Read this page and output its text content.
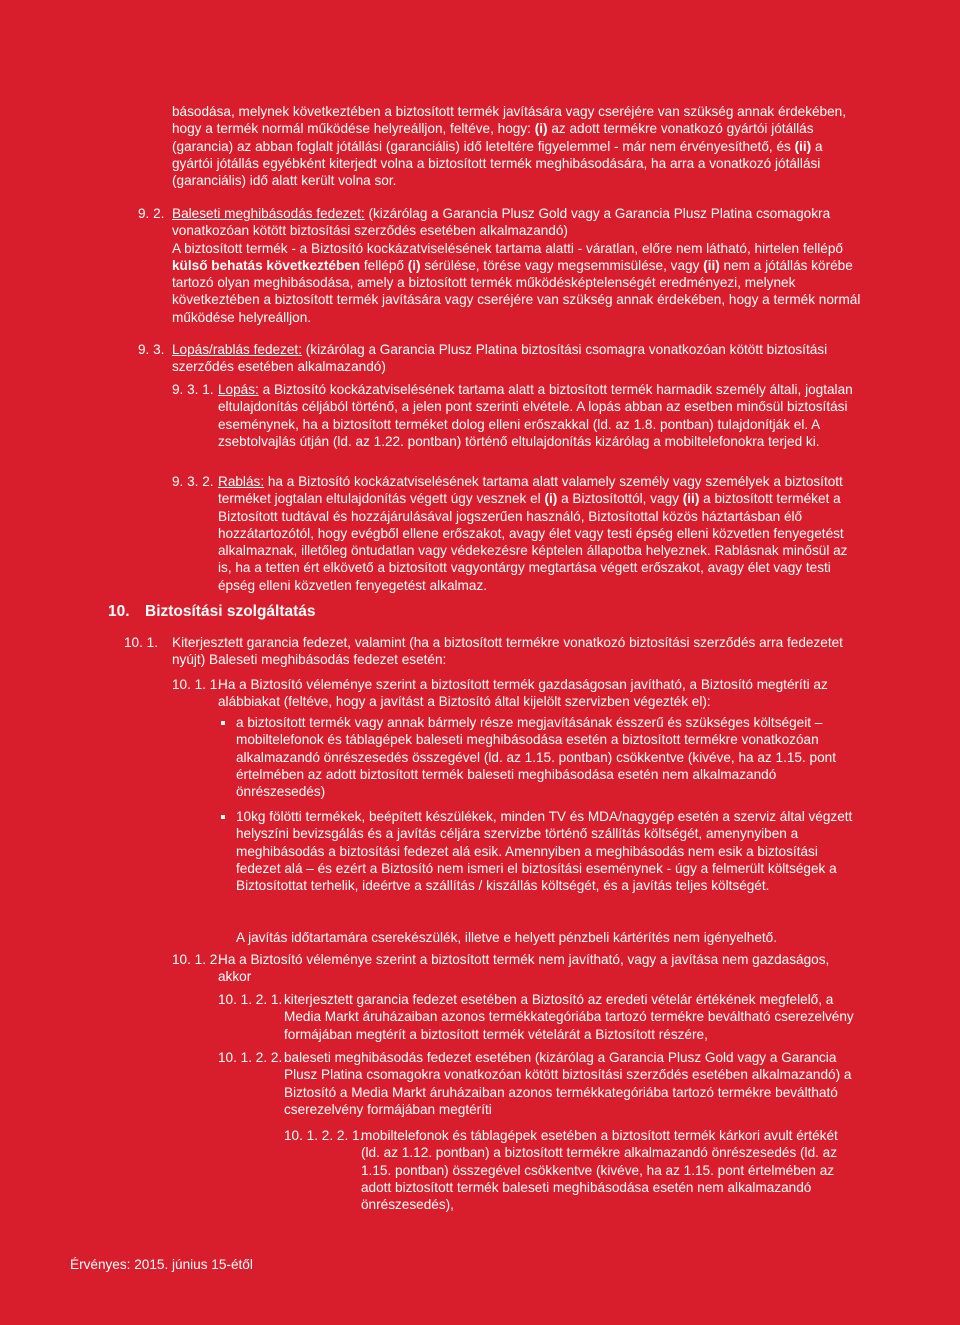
básodása, melynek következtében a biztosított termék javítására vagy cseréjére van szükség annak érdekében, hogy a termék normál működése helyreálljon, feltéve, hogy: (i) az adott termékre vonatkozó gyártói jótállás (garancia) az abban foglalt jótállási (garanciális) idő leteltére figyelemmel - már nem érvényesíthető, és (ii) a gyártói jótállás egyébként kiterjedt volna a biztosított termék meghibásodására, ha arra a vonatkozó jótállási (garanciális) idő alatt került volna sor.

9. 2. Baleseti meghibásodás fedezet: (kizárólag a Garancia Plusz Gold vagy a Garancia Plusz Platina csomagokra vonatkozóan kötött biztosítási szerződés esetében alkalmazandó)

A biztosított termék - a Biztosító kockázatviselésének tartama alatti - váratlan, előre nem látható, hirtelen fellépő külső behatás következtében fellépő (i) sérülése, törése vagy megsemmisülése, vagy (ii) nem a jótállás körébe tartozó olyan meghibásodása, amely a biztosított termék működésképtelenségét eredményezi, melynek következtében a biztosított termék javítására vagy cseréjére van szükség annak érdekében, hogy a termék normál működése helyreálljon.

9. 3. Lopás/rablás fedezet: (kizárólag a Garancia Plusz Platina biztosítási csomagra vonatkozóan kötött biztosítási szerződés esetében alkalmazandó)

9. 3. 1. Lopás: a Biztosító kockázatviselésének tartama alatt a biztosított termék harmadik személy általi, jogtalan eltulajdonítás céljából történő, a jelen pont szerinti elvétele. A lopás abban az esetben minősül biztosítási eseménynek, ha a biztosított terméket dolog elleni erőszakkal (ld. az 1.8. pontban) tulajdonítják el. A zsebtolvajlás útján (ld. az 1.22. pontban) történő eltulajdonítás kizárólag a mobiltelefonokra terjed ki.

9. 3. 2. Rablás: ha a Biztosító kockázatviselésének tartama alatt valamely személy vagy személyek a biztosított terméket jogtalan eltulajdonítás végett úgy vesznek el (i) a Biztosítottól, vagy (ii) a biztosított terméket a Biztosított tudtával és hozzájárulásával jogszerűen használó, Biztosítottal közös háztartásban élő hozzátartozótól, hogy evégből ellene erőszakot, avagy élet vagy testi épség elleni közvetlen fenyegetést alkalmaznak, illetőleg öntudatlan vagy védekezésre képtelen állapotba helyeznek. Rablásnak minősül az is, ha a tetten ért elkövető a biztosított vagyontárgy megtartása végett erőszakot, avagy élet vagy testi épség elleni közvetlen fenyegetést alkalmaz.

10. Biztosítási szolgáltatás
10. 1. Kiterjesztett garancia fedezet, valamint (ha a biztosított termékre vonatkozó biztosítási szerződés arra fedezetet nyújt) Baleseti meghibásodás fedezet esetén:

10. 1. 1.

Ha a Biztosító véleménye szerint a biztosított termék gazdaságosan javítható, a Biztosító megtéríti az alábbiakat (feltéve, hogy a javítást a Biztosító által kijelölt szervizben végezték el):

a biztosított termék vagy annak bármely része megjavításának ésszerű és szükséges költségeit – mobiltelefonok és táblagépek baleseti meghibásodása esetén a biztosított termékre vonatkozóan alkalmazandó önrészesedés összegével (ld. az 1.15. pontban) csökkentve (kivéve, ha az 1.15. pont értelmében az adott biztosított termék baleseti meghibásodása esetén nem alkalmazandó önrészesedés)

10kg fölötti termékek, beépített készülékek, minden TV és MDA/nagygép esetén a szerviz által végzett helyszíni bevizsgálás és a javítás céljára szervizbe történő szállítás költségét, amenynyiben a meghibásodás a biztosítási fedezet alá esik. Amennyiben a meghibásodás nem esik a biztosítási fedezet alá – és ezért a Biztosító nem ismeri el biztosítási eseménynek - úgy a felmerült költségek a Biztosítottat terhelik, ideértve a szállítás / kiszállás költségét, és a javítás teljes költségét.

A javítás időtartamára cserekészülék, illetve e helyett pénzbeli kártérítés nem igényelhető.

10. 1. 2.

Ha a Biztosító véleménye szerint a biztosított termék nem javítható, vagy a javítása nem gazdaságos, akkor

10. 1. 2. 1. kiterjesztett garancia fedezet esetében a Biztosító az eredeti vételár értékének megfelelő, a Media Markt áruházaiban azonos termékkategóriába tartozó termékre beváltható cserezelvény formájában megtérít a biztosított termék vételárát a Biztosított részére,

10. 1. 2. 2. baleseti meghibásodás fedezet esetében (kizárólag a Garancia Plusz Gold vagy a Garancia Plusz Platina csomagokra vonatkozóan kötött biztosítási szerződés esetében alkalmazandó) a Biztosító a Media Markt áruházaiban azonos termékkategóriába tartozó termékre beváltható cserezelvény formájában megtéríti

10. 1. 2. 2. 1.

mobiltelefonok és táblagépek esetében a biztosított termék kárkori avult értékét (ld. az 1.12. pontban) a biztosított termékre alkalmazandó önrészesedés (ld. az 1.15. pontban) összegével csökkentve (kivéve, ha az 1.15. pont értelmében az adott biztosított termék baleseti meghibásodása esetén nem alkalmazandó önrészesedés),

Érvényes: 2015. június 15-étől
